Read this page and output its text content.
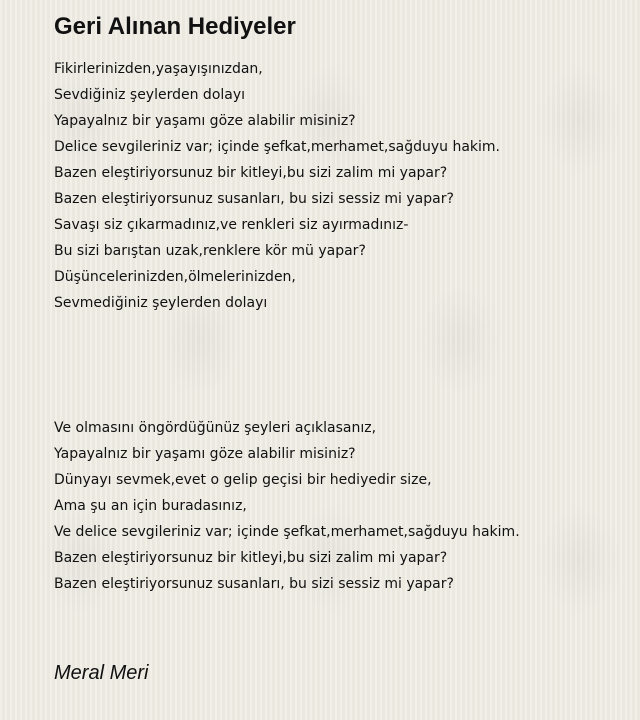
Geri Alınan Hediyeler
Fikirlerinizden,yaşayışınızdan,
Sevdiğiniz şeylerden dolayı
Yapayalnız bir yaşamı göze alabilir misiniz?
Delice sevgileriniz var; içinde şefkat,merhamet,sağduyu hakim.
Bazen eleştiriyorsunuz bir kitleyi,bu sizi zalim mi yapar?
Bazen eleştiriyorsunuz susanları, bu sizi sessiz mi yapar?
Savaşı siz çıkarmadınız,ve renkleri siz ayırmadınız-
Bu sizi barıştan uzak,renklere kör mü yapar?
Düşüncelerinizden,ölmelerinizden,
Sevmediğiniz şeylerden dolayı
Ve olmasını öngördüğünüz şeyleri açıklasanız,
Yapayalnız bir yaşamı göze alabilir misiniz?
Dünyayı sevmek,evet o gelip geçisi bir hediyedir size,
Ama şu an için buradasınız,
Ve delice sevgileriniz var; içinde şefkat,merhamet,sağduyu hakim.
Bazen eleştiriyorsunuz bir kitleyi,bu sizi zalim mi yapar?
Bazen eleştiriyorsunuz susanları, bu sizi sessiz mi yapar?
Meral Meri
